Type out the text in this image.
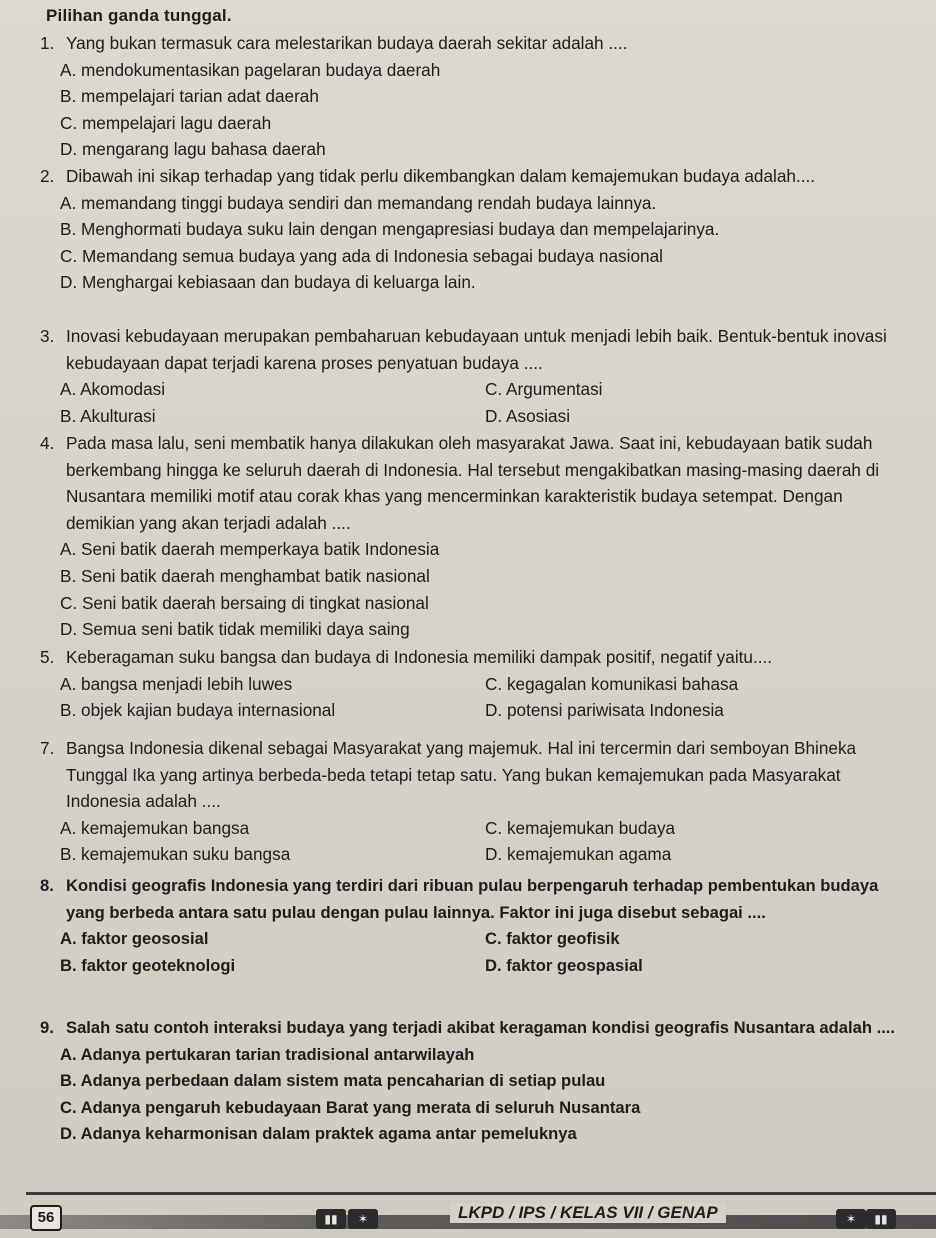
Pilihan ganda tunggal.
1. Yang bukan termasuk cara melestarikan budaya daerah sekitar adalah ....
A. mendokumentasikan pagelaran budaya daerah
B. mempelajari tarian adat daerah
C. mempelajari lagu daerah
D. mengarang lagu bahasa daerah
2. Dibawah ini sikap terhadap yang tidak perlu dikembangkan dalam kemajemukan budaya adalah....
A. memandang tinggi budaya sendiri dan memandang rendah budaya lainnya.
B. Menghormati budaya suku lain dengan mengapresiasi budaya dan mempelajarinya.
C. Memandang semua budaya yang ada di Indonesia sebagai budaya nasional
D. Menghargai kebiasaan dan budaya di keluarga lain.
3. Inovasi kebudayaan merupakan pembaharuan kebudayaan untuk menjadi lebih baik. Bentuk-bentuk inovasi kebudayaan dapat terjadi karena proses penyatuan budaya ....
A. Akomodasi	C. Argumentasi
B. Akulturasi	D. Asosiasi
4. Pada masa lalu, seni membatik hanya dilakukan oleh masyarakat Jawa. Saat ini, kebudayaan batik sudah berkembang hingga ke seluruh daerah di Indonesia. Hal tersebut mengakibatkan masing-masing daerah di Nusantara memiliki motif atau corak khas yang mencerminkan karakteristik budaya setempat. Dengan demikian yang akan terjadi adalah ....
A. Seni batik daerah memperkaya batik Indonesia
B. Seni batik daerah menghambat batik nasional
C. Seni batik daerah bersaing di tingkat nasional
D. Semua seni batik tidak memiliki daya saing
5. Keberagaman suku bangsa dan budaya di Indonesia memiliki dampak positif, negatif yaitu....
A. bangsa menjadi lebih luwes	C. kegagalan komunikasi bahasa
B. objek kajian budaya internasional	D. potensi pariwisata Indonesia
7. Bangsa Indonesia dikenal sebagai Masyarakat yang majemuk. Hal ini tercermin dari semboyan Bhineka Tunggal Ika yang artinya berbeda-beda tetapi tetap satu. Yang bukan kemajemukan pada Masyarakat Indonesia adalah ....
A. kemajemukan bangsa	C. kemajemukan budaya
B. kemajemukan suku bangsa	D. kemajemukan agama
8. Kondisi geografis Indonesia yang terdiri dari ribuan pulau berpengaruh terhadap pembentukan budaya yang berbeda antara satu pulau dengan pulau lainnya. Faktor ini juga disebut sebagai ....
A. faktor geososial	C. faktor geofisik
B. faktor geoteknologi	D. faktor geospasial
9. Salah satu contoh interaksi budaya yang terjadi akibat keragaman kondisi geografis Nusantara adalah ....
A. Adanya pertukaran tarian tradisional antarwilayah
B. Adanya perbedaan dalam sistem mata pencaharian di setiap pulau
C. Adanya pengaruh kebudayaan Barat yang merata di seluruh Nusantara
D. Adanya keharmonisan dalam praktek agama antar pemeluknya
56	▮▮	✶	LKPD / IPS / KELAS VII / GENAP	✶	▮▮
